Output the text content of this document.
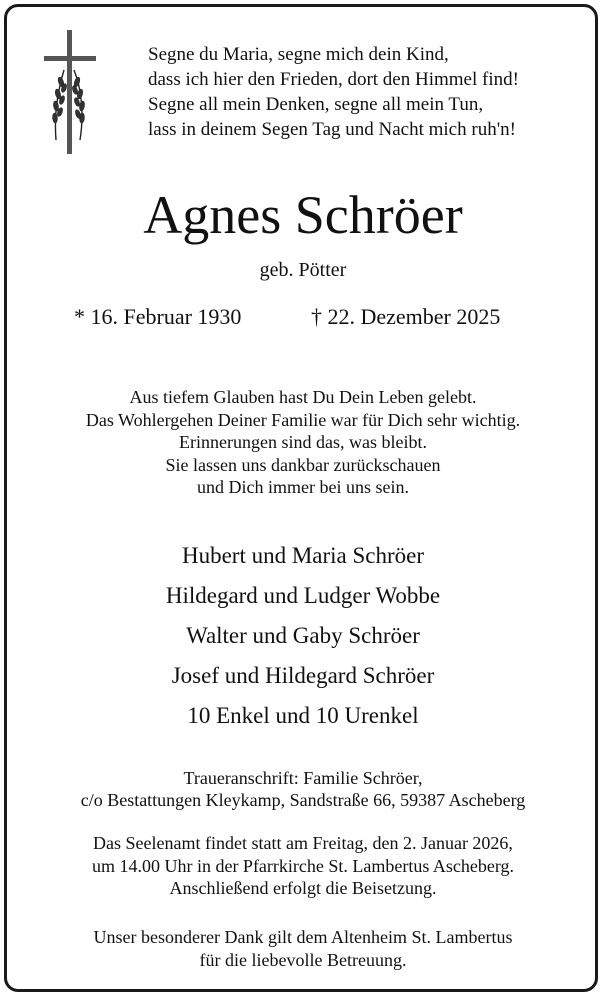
Segne du Maria, segne mich dein Kind,
dass ich hier den Frieden, dort den Himmel find!
Segne all mein Denken, segne all mein Tun,
lass in deinem Segen Tag und Nacht mich ruh'n!
Agnes Schröer
geb. Pötter
* 16. Februar 1930	† 22. Dezember 2025
Aus tiefem Glauben hast Du Dein Leben gelebt.
Das Wohlergehen Deiner Familie war für Dich sehr wichtig.
Erinnerungen sind das, was bleibt.
Sie lassen uns dankbar zurückschauen
und Dich immer bei uns sein.
Hubert und Maria Schröer
Hildegard und Ludger Wobbe
Walter und Gaby Schröer
Josef und Hildegard Schröer
10 Enkel und 10 Urenkel
Traueranschrift: Familie Schröer,
c/o Bestattungen Kleykamp, Sandstraße 66, 59387 Ascheberg
Das Seelenamt findet statt am Freitag, den 2. Januar 2026,
um 14.00 Uhr in der Pfarrkirche St. Lambertus Ascheberg.
Anschließend erfolgt die Beisetzung.
Unser besonderer Dank gilt dem Altenheim St. Lambertus
für die liebevolle Betreuung.
